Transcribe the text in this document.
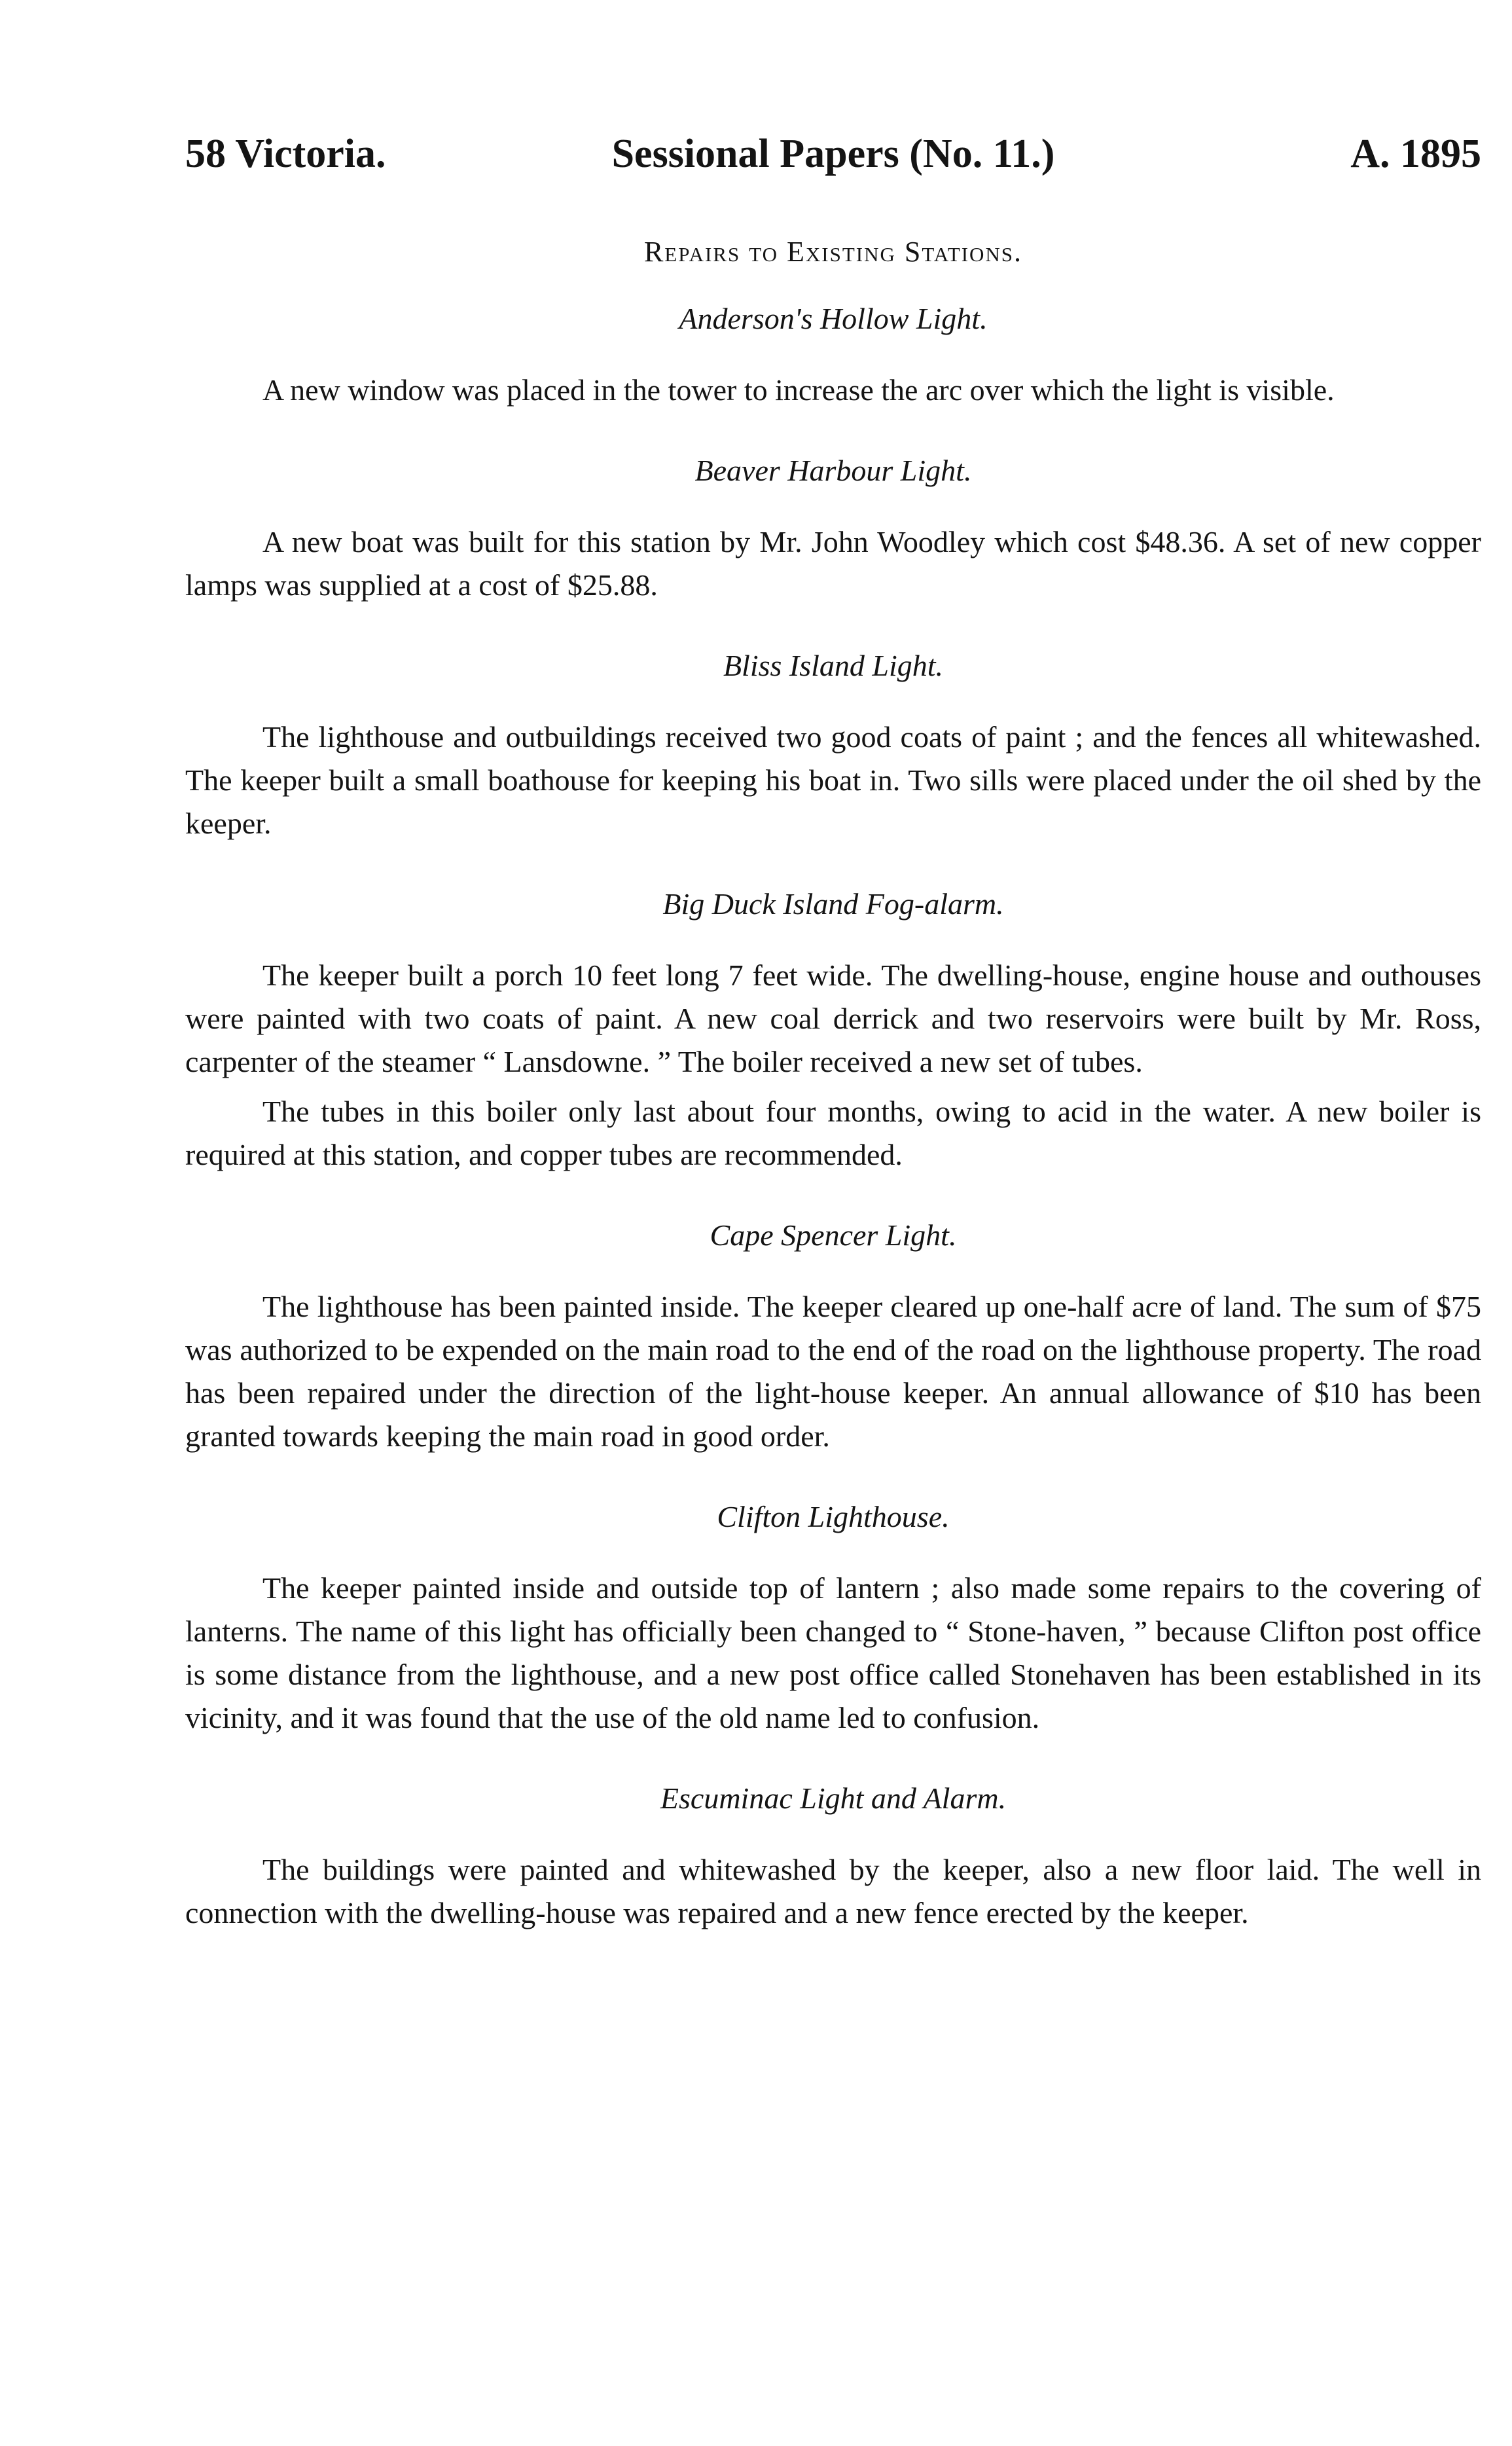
58 Victoria.	Sessional Papers (No. 11.)	A. 1895
Repairs to Existing Stations.
Anderson's Hollow Light.

A new window was placed in the tower to increase the arc over which the light is visible.

Beaver Harbour Light.

A new boat was built for this station by Mr. John Woodley which cost $48.36. A set of new copper lamps was supplied at a cost of $25.88.

Bliss Island Light.

The lighthouse and outbuildings received two good coats of paint ; and the fences all whitewashed. The keeper built a small boathouse for keeping his boat in. Two sills were placed under the oil shed by the keeper.

Big Duck Island Fog-alarm.

The keeper built a porch 10 feet long 7 feet wide. The dwelling-house, engine house and outhouses were painted with two coats of paint. A new coal derrick and two reservoirs were built by Mr. Ross, carpenter of the steamer “ Lansdowne. ” The boiler received a new set of tubes.

The tubes in this boiler only last about four months, owing to acid in the water. A new boiler is required at this station, and copper tubes are recommended.

Cape Spencer Light.

The lighthouse has been painted inside. The keeper cleared up one-half acre of land. The sum of $75 was authorized to be expended on the main road to the end of the road on the lighthouse property. The road has been repaired under the direction of the light-house keeper. An annual allowance of $10 has been granted towards keeping the main road in good order.

Clifton Lighthouse.

The keeper painted inside and outside top of lantern ; also made some repairs to the covering of lanterns. The name of this light has officially been changed to “ Stone-haven, ” because Clifton post office is some distance from the lighthouse, and a new post office called Stonehaven has been established in its vicinity, and it was found that the use of the old name led to confusion.

Escuminac Light and Alarm.

The buildings were painted and whitewashed by the keeper, also a new floor laid. The well in connection with the dwelling-house was repaired and a new fence erected by the keeper.
